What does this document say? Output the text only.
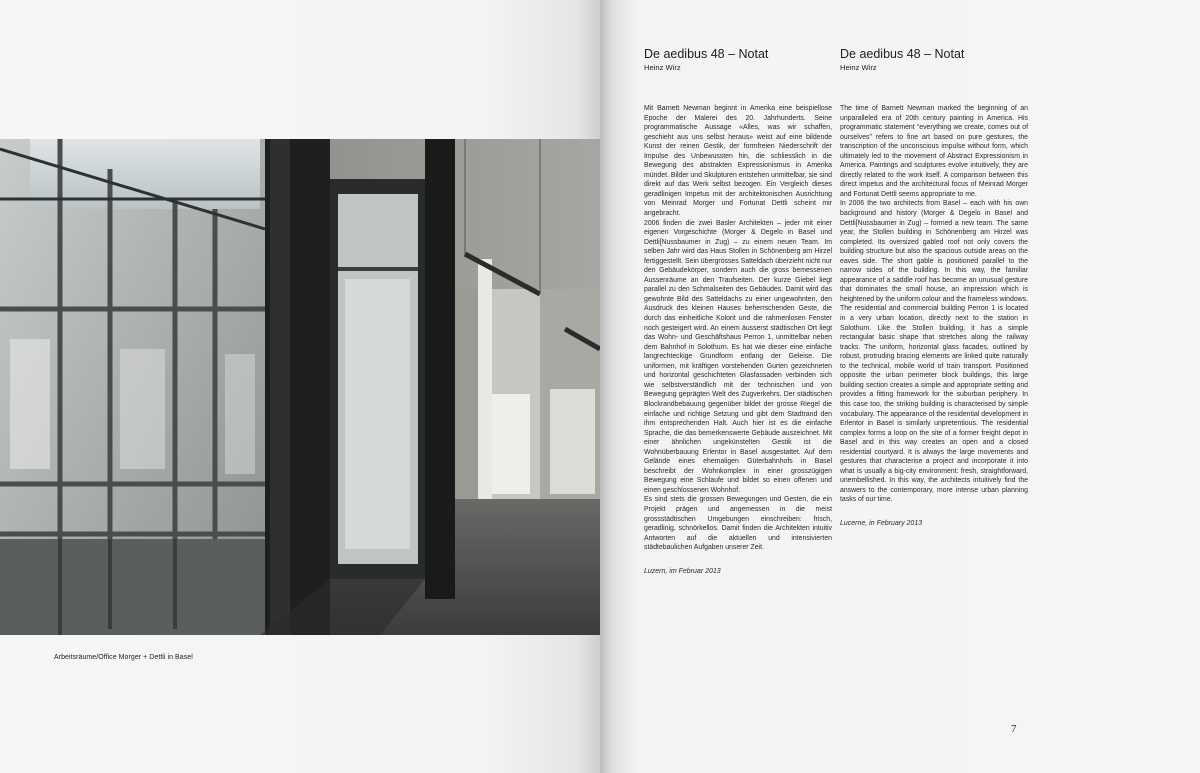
Arbeitsräume/Office Morger + Dettli in Basel
De aedibus 48 – Notat
Heinz Wirz

Mit Barnett Newman beginnt in Amerika eine beispiellose Epoche der Malerei des 20. Jahrhunderts. Seine programmatische Aussage «Alles, was wir schaffen, geschieht aus uns selbst heraus» weist auf eine bildende Kunst der reinen Gestik, der formfreien Niederschrift der Impulse des Unbewussten hin, die schliesslich in die Bewegung des abstrakten Expressionismus in Amerika mündet. Bilder und Skulpturen entstehen unmittelbar, sie sind direkt auf das Werk selbst bezogen. Ein Vergleich dieses geradlinigen Impetus mit der architektonischen Ausrichtung von Meinrad Morger und Fortunat Dettli scheint mir angebracht.

2006 finden die zwei Basler Architekten – jeder mit einer eigenen Vorgeschichte (Morger & Degelo in Basel und Dettli[Nussbaumer in Zug) – zu einem neuen Team. Im selben Jahr wird das Haus Stollen in Schönenberg am Hirzel fertiggestellt. Sein übergrosses Satteldach überzieht nicht nur den Gebäudekörper, sondern auch die gross bemessenen Aussenräume an den Traufseiten. Der kurze Giebel liegt parallel zu den Schmalseiten des Gebäudes. Damit wird das gewohnte Bild des Satteldachs zu einer ungewohnten, den Ausdruck des kleinen Hauses beherrschenden Geste, die durch das einheitliche Kolorit und die rahmenlosen Fenster noch gesteigert wird. An einem äusserst städtischen Ort liegt das Wohn- und Geschäftshaus Perron 1, unmittelbar neben dem Bahnhof in Solothurn. Es hat wie dieser eine einfache langrechteckige Grundform entlang der Geleise. Die uniformen, mit kräftigen vorstehenden Gurten gezeichneten und horizontal geschichteten Glasfassaden verbinden sich wie selbstverständlich mit der technischen und von Bewegung geprägten Welt des Zugverkehrs. Der städtischen Blockrandbebauung gegenüber bildet der grosse Riegel die einfache und richtige Setzung und gibt dem Stadtrand den ihm entsprechenden Halt. Auch hier ist es die einfache Sprache, die das bemerkenswerte Gebäude auszeichnet. Mit einer ähnlichen ungekünstelten Gestik ist die Wohnüberbauung Erlentor in Basel ausgestattet. Auf dem Gelände eines ehemaligen Güterbahnhofs in Basel beschreibt der Wohnkomplex in einer grosszügigen Bewegung eine Schlaufe und bildet so einen offenen und einen geschlossenen Wohnhof.

Es sind stets die grossen Bewegungen und Gesten, die ein Projekt prägen und angemessen in die meist grossstädtischen Umgebungen einschreiben: frisch, geradlinig, schnörkellos. Damit finden die Architekten intuitiv Antworten auf die aktuellen und intensivierten städtebaulichen Aufgaben unserer Zeit.

Luzern, im Februar 2013
De aedibus 48 – Notat
Heinz Wirz

The time of Barnett Newman marked the beginning of an unparalleled era of 20th century painting in America. His programmatic statement “everything we create, comes out of ourselves” refers to fine art based on pure gestures, the transcription of the unconscious impulse without form, which ultimately led to the movement of Abstract Expressionism in America. Paintings and sculptures evolve intuitively, they are directly related to the work itself. A comparison between this direct impetus and the architectural focus of Meinrad Morger and Fortunat Dettli seems appropriate to me.

In 2006 the two architects from Basel – each with his own background and history (Morger & Degelo in Basel and Dettli[Nussbaumer in Zug) – formed a new team. The same year, the Stollen building in Schönenberg am Hirzel was completed. Its oversized gabled roof not only covers the building structure but also the spacious outside areas on the eaves side. The short gable is positioned parallel to the narrow sides of the building. In this way, the familiar appearance of a saddle roof has become an unusual gesture that dominates the small house, an impression which is heightened by the uniform colour and the frameless windows. The residential and commercial building Perron 1 is located in a very urban location, directly next to the station in Solothurn. Like the Stollen building, it has a simple rectangular basic shape that stretches along the railway tracks. The uniform, horizontal glass facades, outlined by robust, protruding bracing elements are linked quite naturally to the technical, mobile world of train transport. Positioned opposite the urban perimeter block buildings, this large building section creates a simple and appropriate setting and provides a fitting framework for the suburban periphery. In this case too, the striking building is characterised by simple vocabulary. The appearance of the residential development in Erlentor in Basel is similarly unpretentious. The residential complex forms a loop on the site of a former freight depot in Basel and in this way creates an open and a closed residential courtyard. It is always the large movements and gestures that characterise a project and incorporate it into what is usually a big-city environment: fresh, straightforward, unembellished. In this way, the architects intuitively find the answers to the contemporary, more intense urban planning tasks of our time.

Lucerne, in February 2013
7
